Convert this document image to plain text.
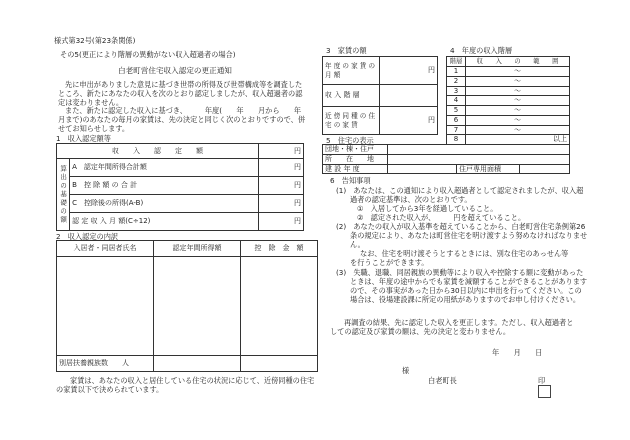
様式第32号(第23条関係)
その5(更正により階層の異動がない収入超過者の場合)
白老町営住宅収入認定の更正通知
先に申出がありました意見に基づき世帯の所得及び世帯構成等を調査したところ、新たにあなたの収入を次のとおり認定しましたが、収入超過者の認定は変わりません。
また、新たに認定した収入に基づき、　　　年度(　　年　　月から　　年　　月まで)のあなたの毎月の家賃は、先の決定と同じく次のとおりですので、併せてお知らせします。
1　収入認定額等
収　　入　　認　　定　　額		円
算出の基礎の額	A　 認定年間所得合計額	円
	B　 控 除 額 の 合 計	円
	C　 控除後の所得(A-B)	円
	認 定 収 入 月 額(C÷12)	円
2　収入認定の内訳
入居者・同居者氏名	認定年間所得額	控　除　金　額

別居扶養親族数　　 人		
家賃は、あなたの収入と居住している住宅の状況に応じて、近傍同種の住宅の家賃以下で決められています。
3　家賃の額
年 度 の 家 賃 の 月 額	円
収 入 階 層	
近 傍 同 種 の 住 宅 の 家 賃	円
4　年度の収入階層
階層	収　　入　　の　　範　　囲
1	～
2	～
3	～
4	～
5	～
6	～
7	～
8	以上
5　住宅の表示
団地・棟・住戸			
所　　在　　地			
建 設 年 度		住戸専用面積	
6　告知事項
(1)　あなたは、この通知により収入超過者として認定されましたが、収入超過者の認定基準は、次のとおりです。
①　入居してから3年を経過していること。
②　認定された収入が、　　　円を超えていること。
(2)　あなたの収入が収入基準を超えていることから、白老町営住宅条例第26条の規定により、あなたは町営住宅を明け渡すよう努めなければなりません。
なお、住宅を明け渡そうとするときには、別な住宅のあっせん等を行うことができます。
(3)　失職、退職、同居親族の異動等により収入や控除する額に変動があったときは、年度の途中からでも家賃を減額することができることがありますので、その事実があった日から30日以内に申出を行ってください。この場合は、役場建設課に所定の用紙がありますのでお申し付けください。
再調査の結果、先に認定した収入を更正します。ただし、収入超過者としての認定及び家賃の額は、先の決定と変わりません。
年　　月　　日
様
白老町長	印
